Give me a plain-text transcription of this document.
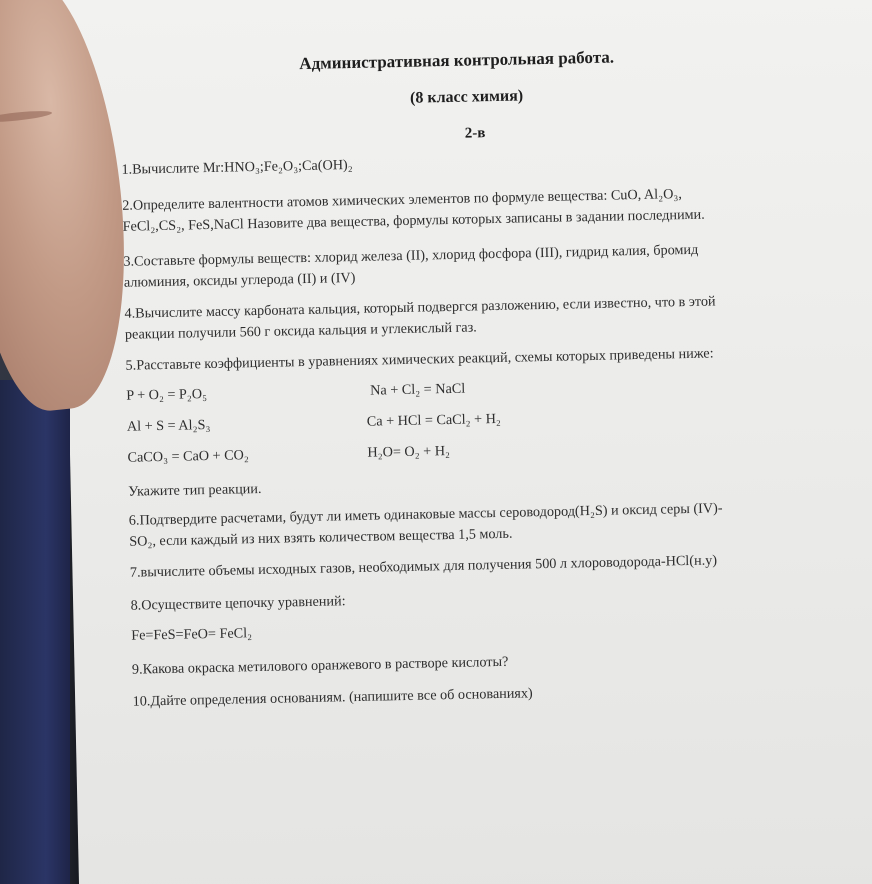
Административная контрольная работа.
(8 класс химия)
2-в
1.Вычислите Mr:HNO₃;Fe₂O₃;Ca(OH)₂
2.Определите валентности атомов химических элементов по формуле вещества: CuO, Al₂O₃,
FeCl₂,CS₂, FeS,NaCl Назовите два вещества, формулы которых записаны в задании последними.
3.Составьте формулы веществ: хлорид железа (II), хлорид фосфора (III), гидрид калия, бромид
алюминия, оксиды углерода (II) и (IV)
4.Вычислите массу карбоната кальция, который подвергся разложению, если известно, что в этой
реакции получили 560 г оксида кальция и углекислый газ.
5.Расставьте коэффициенты в уравнениях химических реакций, схемы которых приведены ниже:
P + O₂ = P₂O₅
Al + S = Al₂S₃
CaCO₃ = CaO + CO₂
Na + Cl₂ = NaCl
Ca + HCl = CaCl₂ + H₂
H₂O= O₂ + H₂
Укажите тип реакции.
6.Подтвердите расчетами, будут ли иметь одинаковые массы сероводород(H₂S) и оксид серы (IV)-
SO₂, если каждый из них взять количеством вещества 1,5 моль.
7.вычислите объемы исходных газов, необходимых для получения 500 л хлороводорода-HCl(н.у)
8.Осуществите цепочку уравнений:
Fe=FeS=FeO= FeCl₂
9.Какова окраска метилового оранжевого в растворе кислоты?
10.Дайте определения основаниям. (напишите все об основаниях)
